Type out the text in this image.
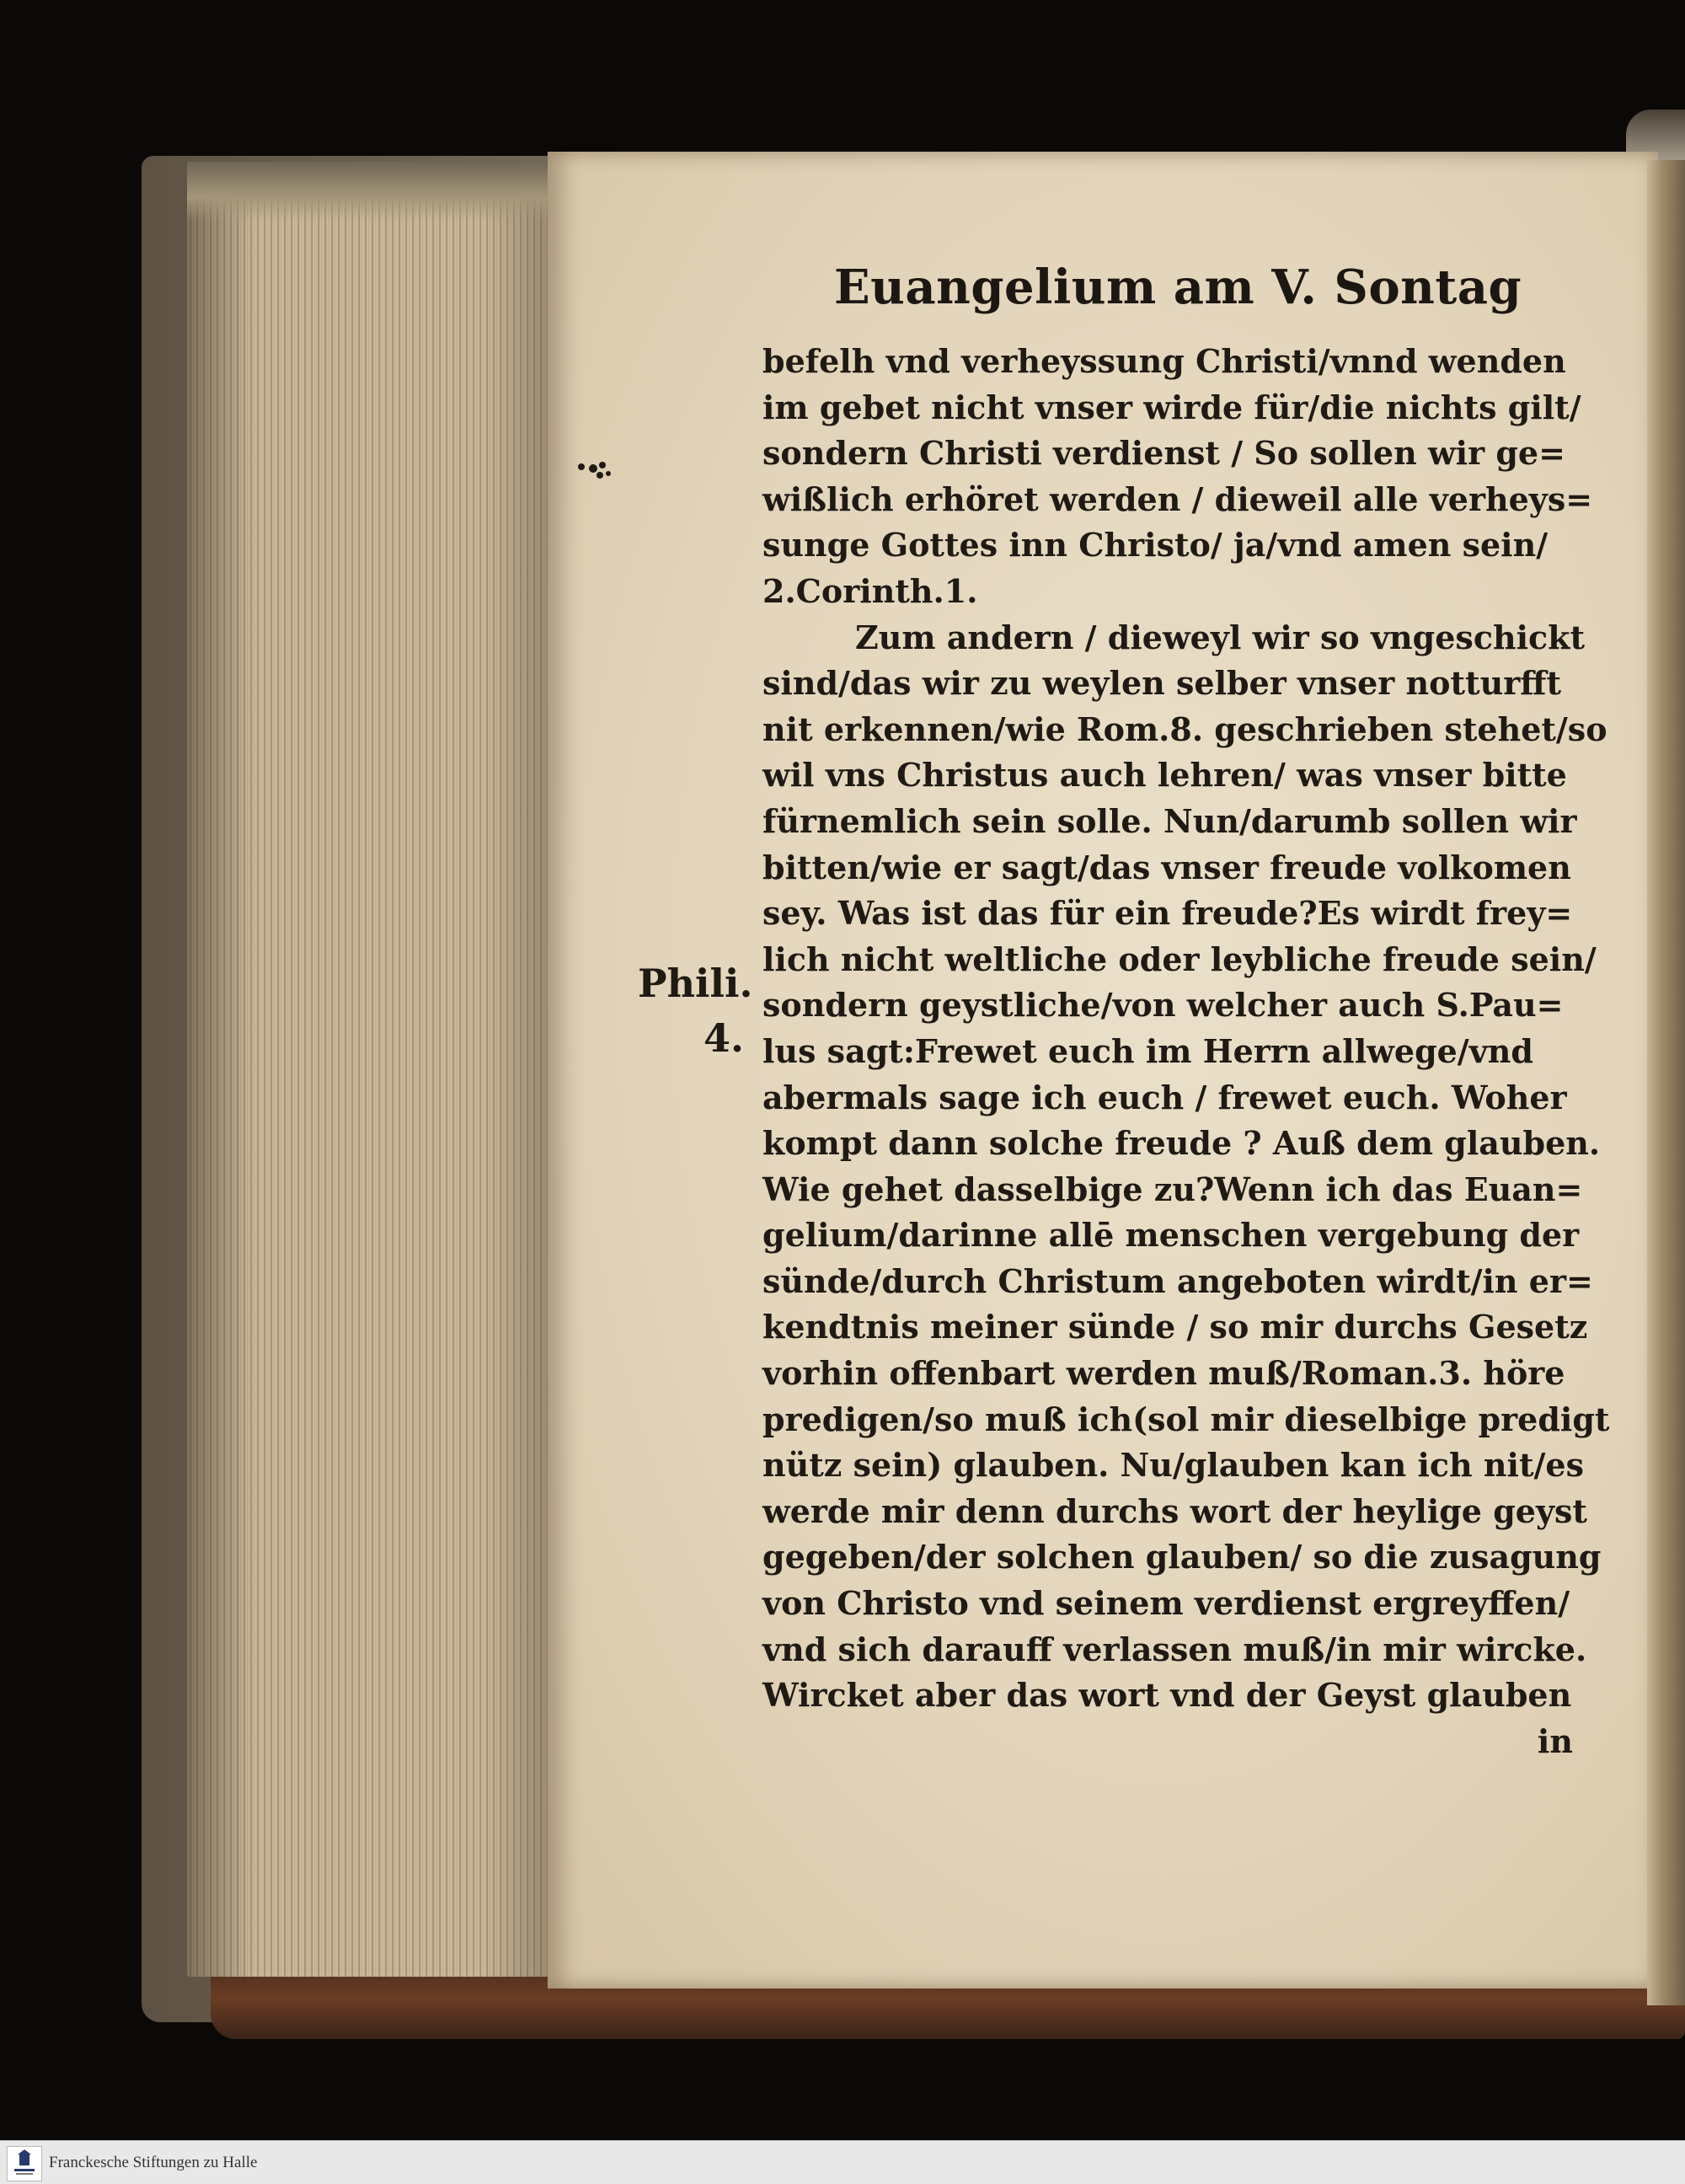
Euangelium am V. Sontag
Phili.
4.
befelh vnd verheyssung Christi/vnnd wenden
im gebet nicht vnser wirde für/die nichts gilt/
sondern Christi verdienst / So sollen wir ge=
wißlich erhöret werden / dieweil alle verheys=
sunge Gottes inn Christo/ ja/vnd amen sein/
2.Corinth.1.
Zum andern / dieweyl wir so vngeschickt
sind/das wir zu weylen selber vnser notturfft
nit erkennen/wie Rom.8. geschrieben stehet/so
wil vns Christus auch lehren/ was vnser bitte
fürnemlich sein solle. Nun/darumb sollen wir
bitten/wie er sagt/das vnser freude volkomen
sey. Was ist das für ein freude?Es wirdt frey=
lich nicht weltliche oder leybliche freude sein/
sondern geystliche/von welcher auch S.Pau=
lus sagt:Frewet euch im Herrn allwege/vnd
abermals sage ich euch / frewet euch. Woher
kompt dann solche freude ? Auß dem glauben.
Wie gehet dasselbige zu?Wenn ich das Euan=
gelium/darinne allē menschen vergebung der
sünde/durch Christum angeboten wirdt/in er=
kendtnis meiner sünde / so mir durchs Gesetz
vorhin offenbart werden muß/Roman.3. höre
predigen/so muß ich(sol mir dieselbige predigt
nütz sein) glauben. Nu/glauben kan ich nit/es
werde mir denn durchs wort der heylige geyst
gegeben/der solchen glauben/ so die zusagung
von Christo vnd seinem verdienst ergreyffen/
vnd sich darauff verlassen muß/in mir wircke.
Wircket aber das wort vnd der Geyst glauben
in
Franckesche Stiftungen zu Halle
